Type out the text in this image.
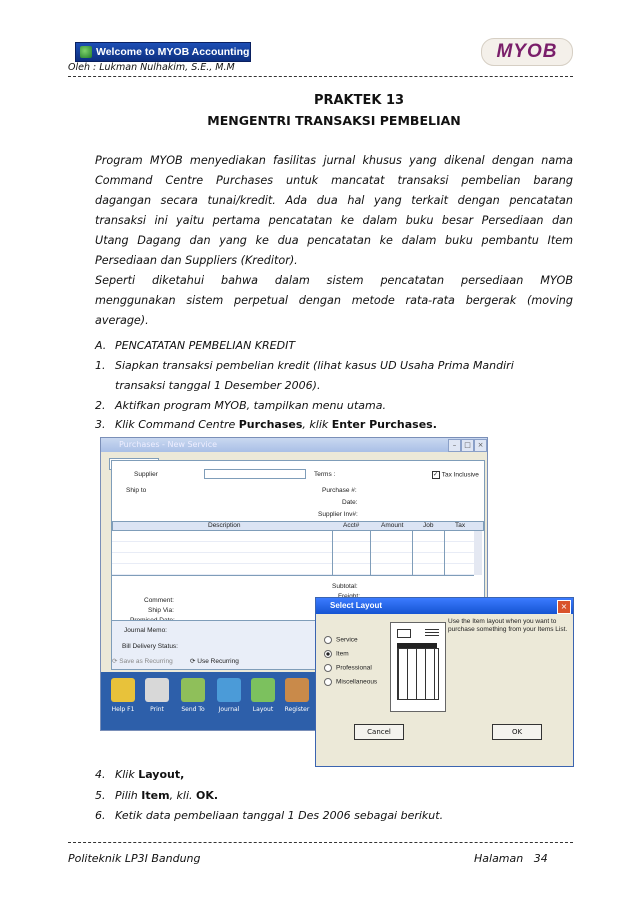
Welcome to MYOB Accounting	MYOB
Oleh : Lukman Nulhakim, S.E., M.M
PRAKTEK 13
MENGENTRI TRANSAKSI PEMBELIAN
Program MYOB menyediakan fasilitas jurnal khusus yang dikenal dengan nama
Command Centre Purchases untuk mancatat transaksi pembelian barang
dagangan secara tunai/kredit. Ada dua hal yang terkait dengan pencatatan
transaksi ini yaitu pertama pencatatan ke dalam buku besar Persediaan dan
Utang Dagang dan yang ke dua pencatatan ke dalam buku pembantu Item
Persediaan dan Suppliers (Kreditor).
Seperti diketahui bahwa dalam sistem pencatatan persediaan MYOB
menggunakan sistem perpetual dengan metode rata-rata bergerak (moving
average).
A. PENCATATAN PEMBELIAN KREDIT
1. Siapkan transaksi pembelian kredit (lihat kasus UD Usaha Prima Mandiri
transaksi tanggal 1 Desember 2006).
2. Aktifkan program MYOB, tampilkan menu utama.
3. Klik Command Centre Purchases, klik Enter Purchases.
Purchases - New Service	–	□ ×
Supplier	Terms :	✓ Tax Inclusive
Ship to	Purchase #:
Date:
Supplier Inv#:
Description	Acct#	Amount	Job	Tax
Subtotal:
Comment:
Ship Via:
Journal Memo:
Bill Delivery Status:
⟳ Save as Recurring	⟳ Use Recurring
Help F1	Print	Send To	Journal	Layout	Register
Select Layout	×
Service
Item
Professional
Miscellaneous
Use the Item layout when you want to purchase something from your Items List.
Cancel	OK
4. Klik Layout,
5. Pilih Item, kli. OK.
6. Ketik data pembeliaan tanggal 1 Des 2006 sebagai berikut.
Politeknik LP3I Bandung	Halaman   34
